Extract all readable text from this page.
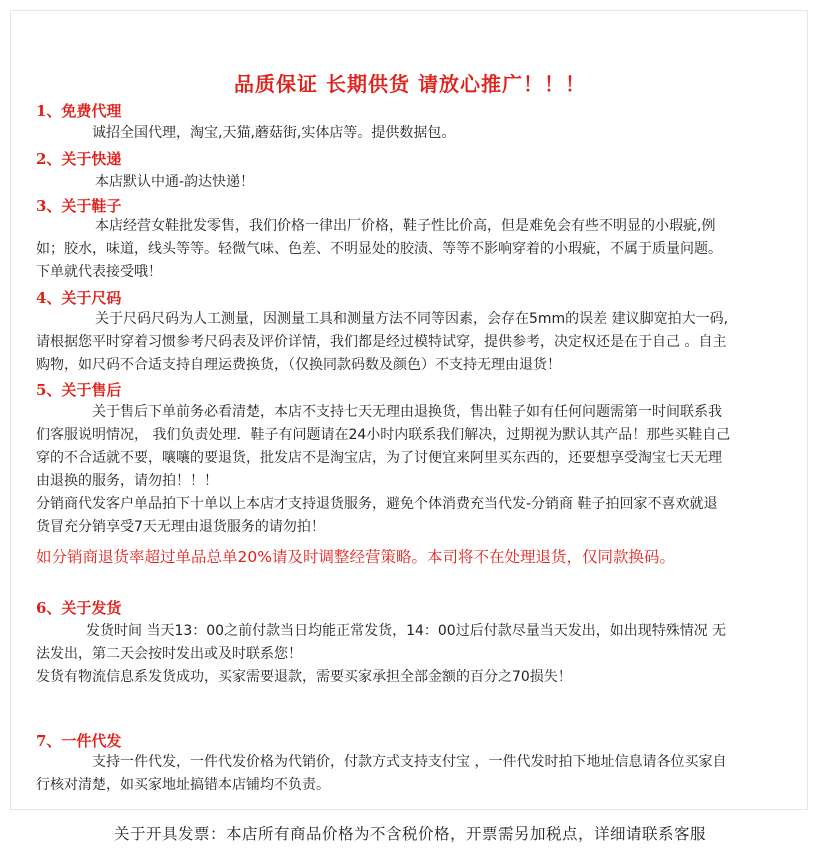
品质保证 长期供货 请放心推广！！！
1、免费代理
诚招全国代理，淘宝,天猫,蘑菇街,实体店等。提供数据包。
2、关于快递
本店默认中通-韵达快递！
3、关于鞋子
本店经营女鞋批发零售，我们价格一律出厂价格，鞋子性比价高，但是难免会有些不明显的小瑕疵,例
如；胶水，味道，线头等等。轻微气味、色差、不明显处的胶渍、等等不影响穿着的小瑕疵，不属于质量问题。
下单就代表接受哦！
4、关于尺码
关于尺码尺码为人工测量，因测量工具和测量方法不同等因素，会存在5mm的误差 建议脚宽拍大一码,
请根据您平时穿着习惯参考尺码表及评价详情，我们都是经过模特试穿，提供参考，决定权还是在于自己 。自主
购物，如尺码不合适支持自理运费换货，（仅换同款码数及颜色）不支持无理由退货！
5、关于售后
关于售后下单前务必看清楚，本店不支持七天无理由退换货，售出鞋子如有任何问题需第一时间联系我
们客服说明情况， 我们负责处理．鞋子有问题请在24小时内联系我们解决，过期视为默认其产品！那些买鞋自己
穿的不合适就不要，嚷嚷的要退货，批发店不是淘宝店，为了讨便宜来阿里买东西的，还要想享受淘宝七天无理
由退换的服务，请勿拍！！！
分销商代发客户单品拍下十单以上本店才支持退货服务，避免个体消费充当代发-分销商 鞋子拍回家不喜欢就退
货冒充分销享受7天无理由退货服务的请勿拍！
如分销商退货率超过单品总单20%请及时调整经营策略。本司将不在处理退货，仅同款换码。
6、关于发货
发货时间 当天13：00之前付款当日均能正常发货，14：00过后付款尽量当天发出，如出现特殊情况 无
法发出，第二天会按时发出或及时联系您！
发货有物流信息系发货成功，买家需要退款，需要买家承担全部金额的百分之70损失！
7、一件代发
支持一件代发，一件代发价格为代销价，付款方式支持支付宝 ，一件代发时拍下地址信息请各位买家自
行核对清楚，如买家地址搞错本店铺均不负责。
关于开具发票：本店所有商品价格为不含税价格，开票需另加税点，详细请联系客服
